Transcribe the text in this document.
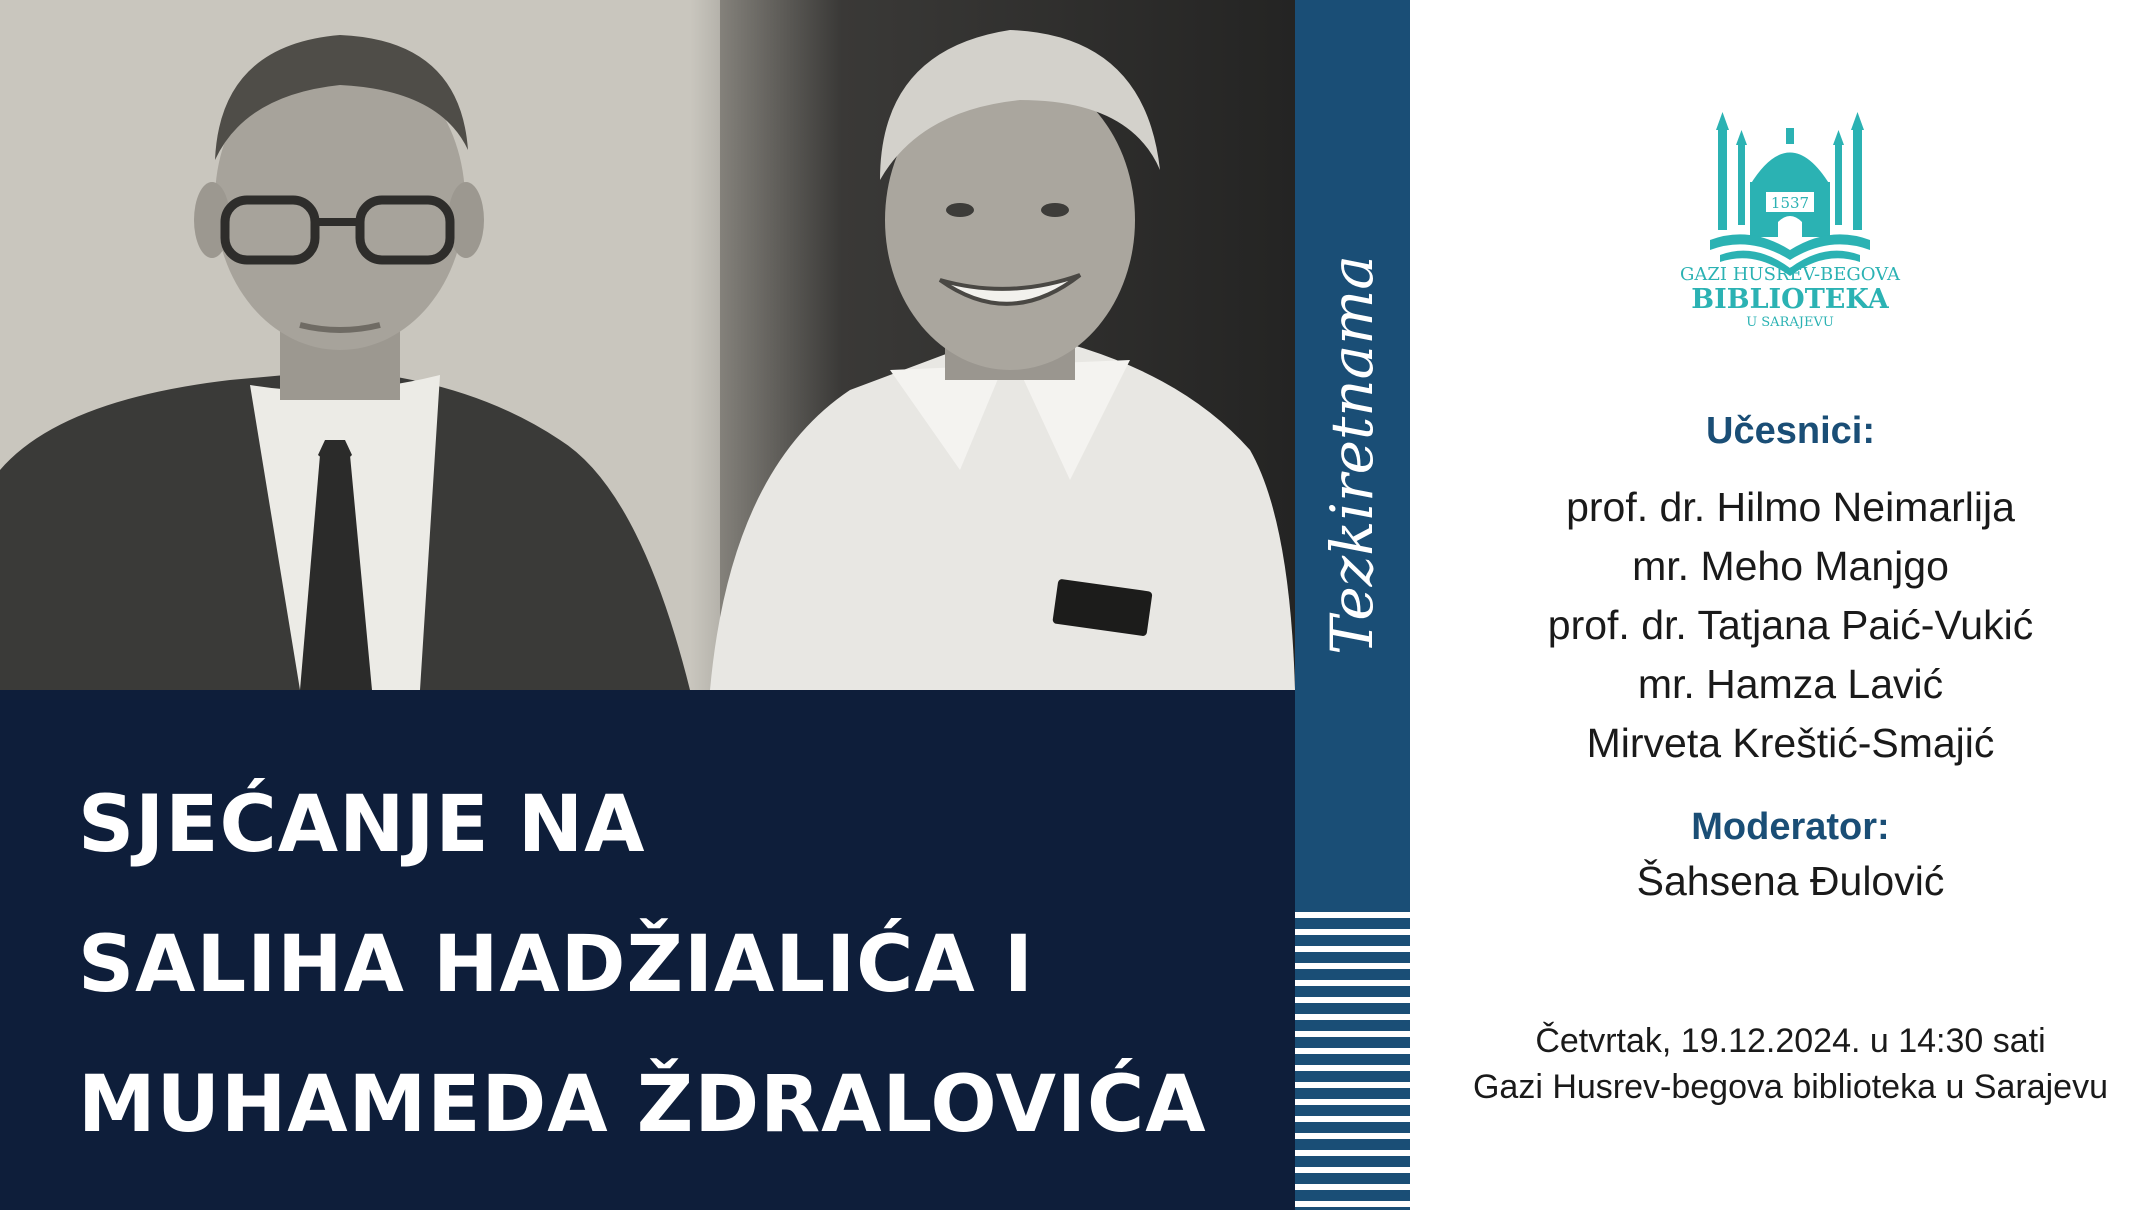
SJEĆANJE NA
SALIHA HADŽIALIĆA I
MUHAMEDA ŽDRALOVIĆA
Tezkiretnama
1537
GAZI HUSREV-BEGOVA
BIBLIOTEKA
U SARAJEVU
Učesnici:
prof. dr. Hilmo Neimarlija
mr. Meho Manjgo
prof. dr. Tatjana Paić-Vukić
mr. Hamza Lavić
Mirveta Kreštić-Smajić
Moderator:
Šahsena Đulović
Četvrtak, 19.12.2024. u 14:30 sati
Gazi Husrev-begova biblioteka u Sarajevu
